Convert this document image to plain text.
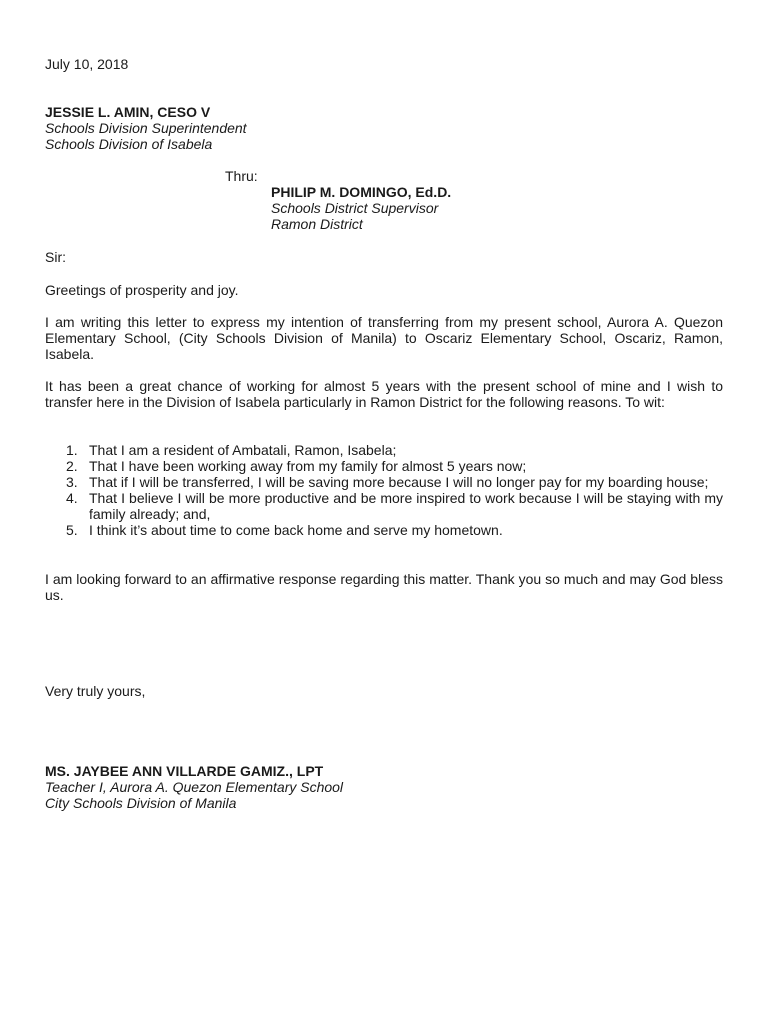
July 10, 2018
JESSIE L. AMIN, CESO V
Schools Division Superintendent
Schools Division of Isabela
Thru:
PHILIP M. DOMINGO, Ed.D.
Schools District Supervisor
Ramon District
Sir:
Greetings of prosperity and joy.
I am writing this letter to express my intention of transferring from my present school, Aurora A. Quezon Elementary School, (City Schools Division of Manila) to Oscariz Elementary School, Oscariz, Ramon, Isabela.
It has been a great chance of working for almost 5 years with the present school of mine and I wish to transfer here in the Division of Isabela particularly in Ramon District for the following reasons. To wit:
1. That I am a resident of Ambatali, Ramon, Isabela;
2. That I have been working away from my family for almost 5 years now;
3. That if I will be transferred, I will be saving more because I will no longer pay for my boarding house;
4. That I believe I will be more productive and be more inspired to work because I will be staying with my family already; and,
5. I think it’s about time to come back home and serve my hometown.
I am looking forward to an affirmative response regarding this matter. Thank you so much and may God bless us.
Very truly yours,
MS. JAYBEE ANN VILLARDE GAMIZ., LPT
Teacher I, Aurora A. Quezon Elementary School
City Schools Division of Manila
